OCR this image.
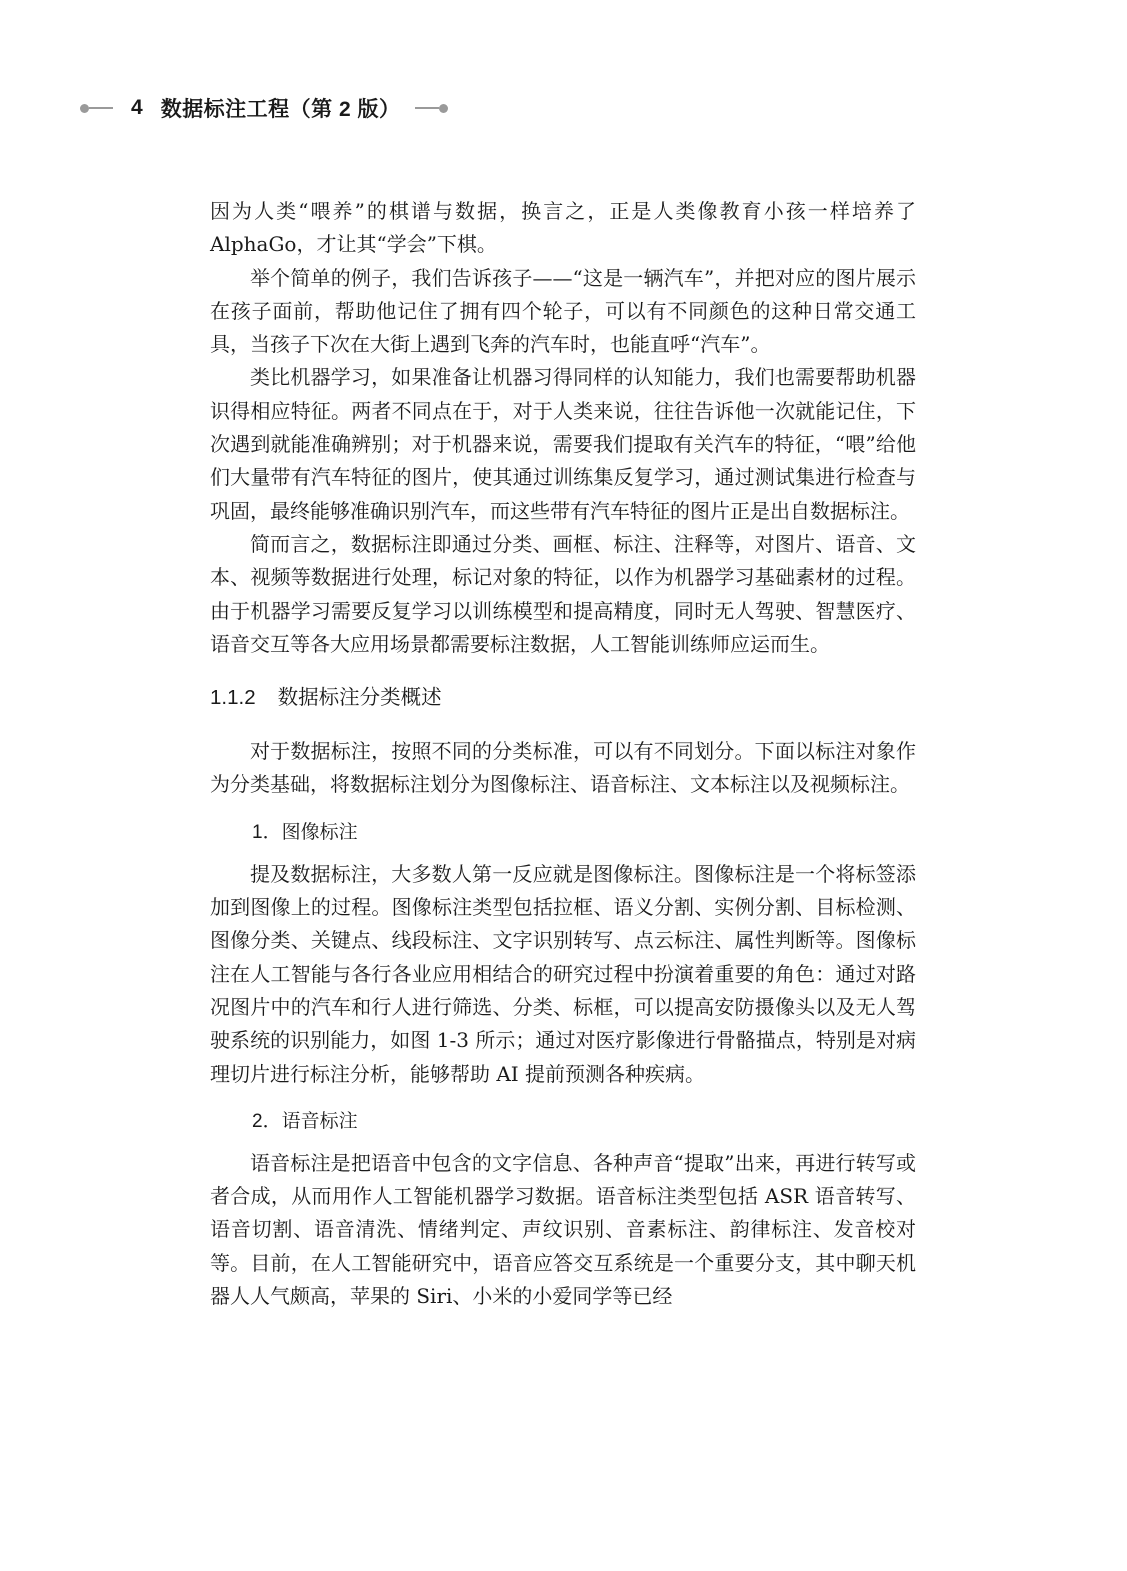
4 数据标注工程（第 2 版）

因为人类“喂养”的棋谱与数据，换言之，正是人类像教育小孩一样培养了 AlphaGo，才让其“学会”下棋。

举个简单的例子，我们告诉孩子——“这是一辆汽车”，并把对应的图片展示在孩子面前，帮助他记住了拥有四个轮子，可以有不同颜色的这种日常交通工具，当孩子下次在大街上遇到飞奔的汽车时，也能直呼“汽车”。

类比机器学习，如果准备让机器习得同样的认知能力，我们也需要帮助机器识得相应特征。两者不同点在于，对于人类来说，往往告诉他一次就能记住，下次遇到就能准确辨别；对于机器来说，需要我们提取有关汽车的特征，“喂”给他们大量带有汽车特征的图片，使其通过训练集反复学习，通过测试集进行检查与巩固，最终能够准确识别汽车，而这些带有汽车特征的图片正是出自数据标注。

简而言之，数据标注即通过分类、画框、标注、注释等，对图片、语音、文本、视频等数据进行处理，标记对象的特征，以作为机器学习基础素材的过程。由于机器学习需要反复学习以训练模型和提高精度，同时无人驾驶、智慧医疗、语音交互等各大应用场景都需要标注数据，人工智能训练师应运而生。

1.1.2 数据标注分类概述

对于数据标注，按照不同的分类标准，可以有不同划分。下面以标注对象作为分类基础，将数据标注划分为图像标注、语音标注、文本标注以及视频标注。

1．图像标注

提及数据标注，大多数人第一反应就是图像标注。图像标注是一个将标签添加到图像上的过程。图像标注类型包括拉框、语义分割、实例分割、目标检测、图像分类、关键点、线段标注、文字识别转写、点云标注、属性判断等。图像标注在人工智能与各行各业应用相结合的研究过程中扮演着重要的角色：通过对路况图片中的汽车和行人进行筛选、分类、标框，可以提高安防摄像头以及无人驾驶系统的识别能力，如图 1-3 所示；通过对医疗影像进行骨骼描点，特别是对病理切片进行标注分析，能够帮助 AI 提前预测各种疾病。

2．语音标注

语音标注是把语音中包含的文字信息、各种声音“提取”出来，再进行转写或者合成，从而用作人工智能机器学习数据。语音标注类型包括 ASR 语音转写、语音切割、语音清洗、情绪判定、声纹识别、音素标注、韵律标注、发音校对等。目前，在人工智能研究中，语音应答交互系统是一个重要分支，其中聊天机器人人气颇高，苹果的 Siri、小米的小爱同学等已经
